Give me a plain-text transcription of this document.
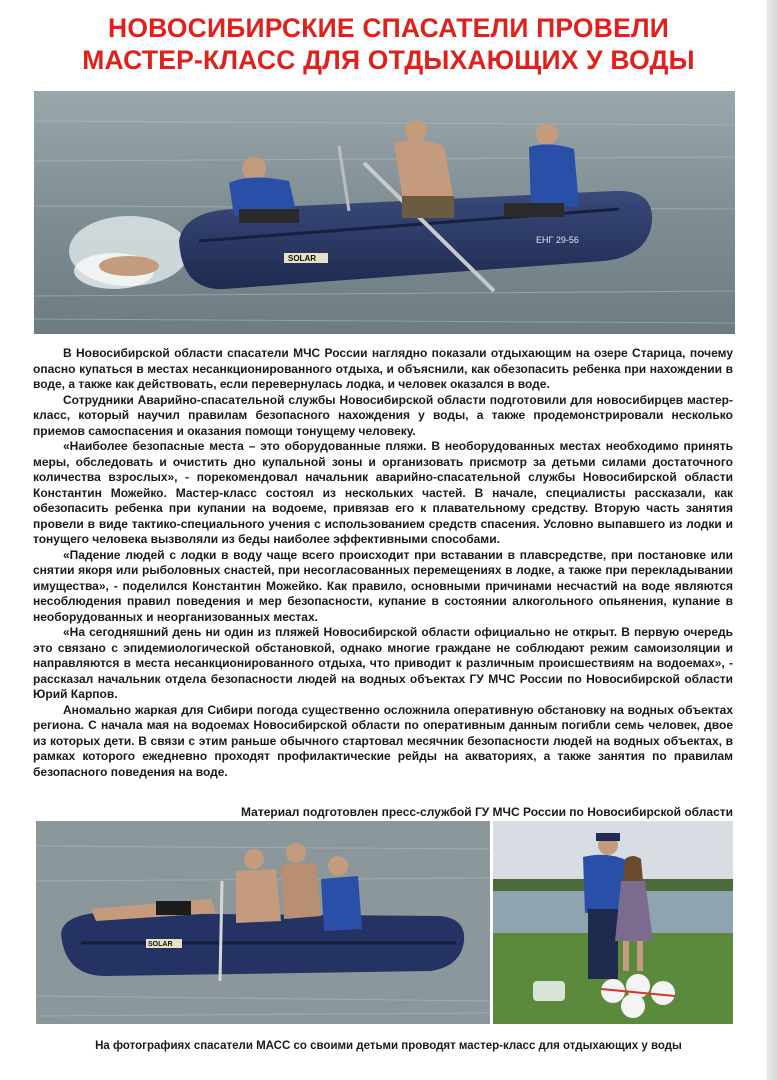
НОВОСИБИРСКИЕ СПАСАТЕЛИ ПРОВЕЛИ
МАСТЕР-КЛАСС ДЛЯ ОТДЫХАЮЩИХ У ВОДЫ
SOLAR
ЕНГ 29-56

В Новосибирской области спасатели МЧС России наглядно показали отдыхающим на озере Старица, почему опасно купаться в местах несанкционированного отдыха, и объяснили, как обезопасить ребенка при нахождении в воде, а также как действовать, если перевернулась лодка, и человек оказался в воде.

Сотрудники Аварийно-спасательной службы Новосибирской области подготовили для новосибирцев мастер-класс, который научил правилам безопасного нахождения у воды, а также продемонстрировали несколько приемов самоспасения и оказания помощи тонущему человеку.

«Наиболее безопасные места – это оборудованные пляжи. В необорудованных местах необходимо принять меры, обследовать и очистить дно купальной зоны и организовать присмотр за детьми силами достаточного количества взрослых», - порекомендовал начальник аварийно-спасательной службы Новосибирской области Константин Можейко. Мастер-класс состоял из нескольких частей. В начале, специалисты рассказали, как обезопасить ребенка при купании на водоеме, привязав его к плавательному средству. Вторую часть занятия провели в виде тактико-специального учения с использованием средств спасения. Условно выпавшего из лодки и тонущего человека вызволяли из беды наиболее эффективными способами.

«Падение людей с лодки в воду чаще всего происходит при вставании в плавсредстве, при постановке или снятии якоря или рыболовных снастей, при несогласованных перемещениях в лодке, а также при перекладывании имущества», - поделился Константин Можейко. Как правило, основными причинами несчастий на воде являются несоблюдения правил поведения и мер безопасности, купание в состоянии алкогольного опьянения, купание в необорудованных и неорганизованных местах.

«На сегодняшний день ни один из пляжей Новосибирской области официально не открыт. В первую очередь это связано с эпидемиологической обстановкой, однако многие граждане не соблюдают режим самоизоляции и направляются в места несанкционированного отдыха, что приводит к различным происшествиям на водоемах», - рассказал начальник отдела безопасности людей на водных объектах ГУ МЧС России по Новосибирской области Юрий Карпов.

Аномально жаркая для Сибири погода существенно осложнила оперативную обстановку на водных объектах региона. С начала мая на водоемах Новосибирской области по оперативным данным погибли семь человек, двое из которых дети. В связи с этим раньше обычного стартовал месячник безопасности людей на водных объектах, в рамках которого ежедневно проходят профилактические рейды на акваториях, а также занятия по правилам безопасного поведения на воде.

Материал подготовлен пресс-службой ГУ МЧС России по Новосибирской области
SOLAR
На фотографиях спасатели МАСС со своими детьми проводят мастер-класс для отдыхающих у воды
